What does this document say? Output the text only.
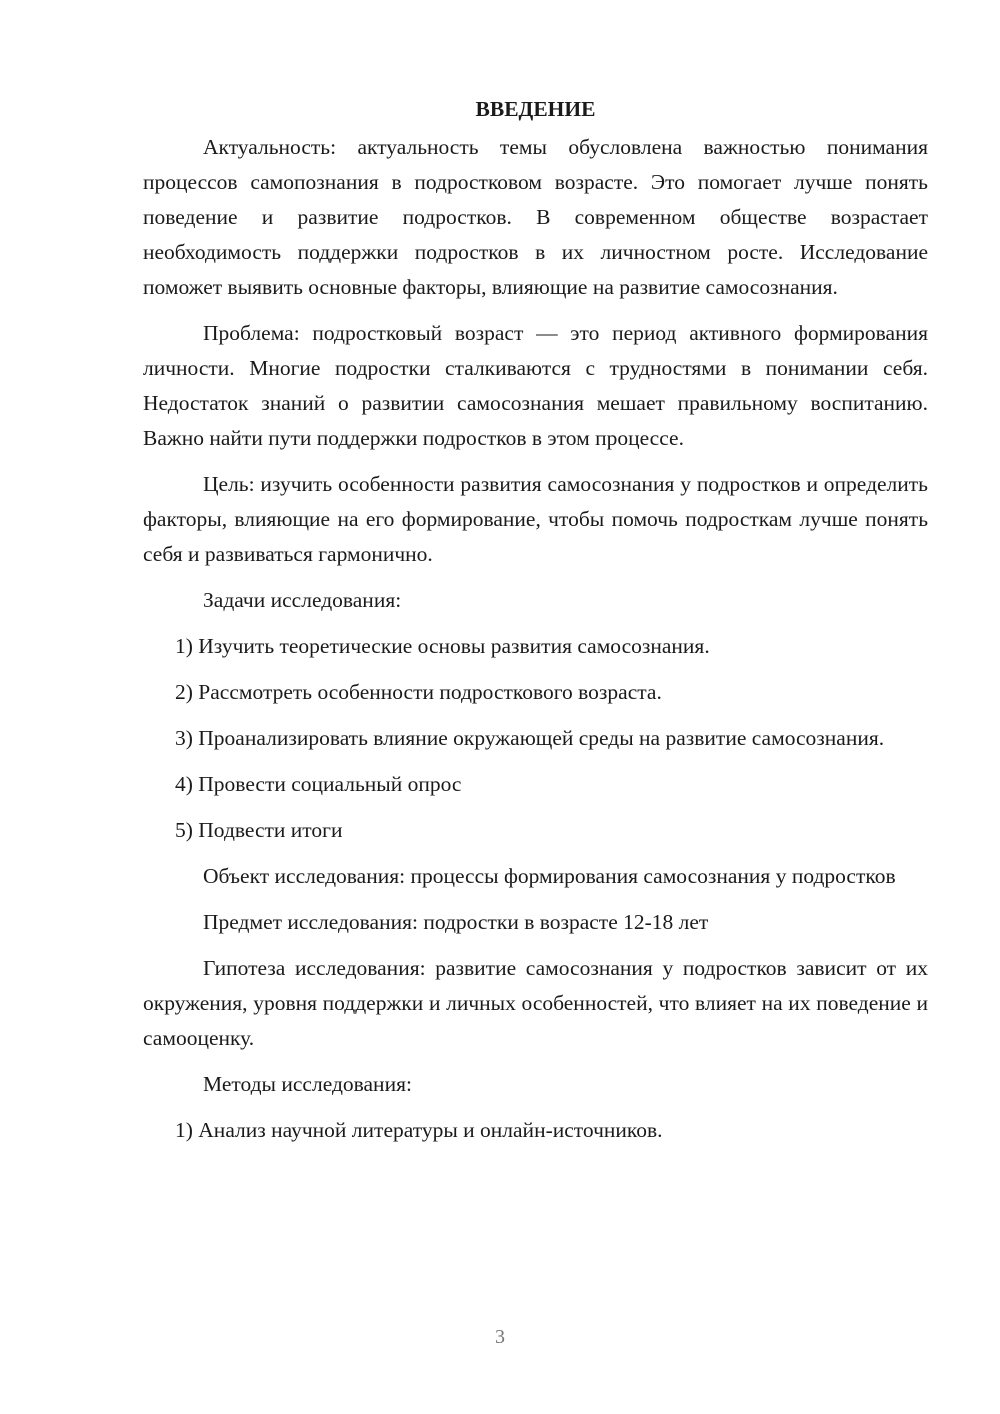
ВВЕДЕНИЕ

Актуальность: актуальность темы обусловлена важностью понимания процессов самопознания в подростковом возрасте. Это помогает лучше понять поведение и развитие подростков. В современном обществе возрастает необходимость поддержки подростков в их личностном росте. Исследование поможет выявить основные факторы, влияющие на развитие самосознания.

Проблема: подростковый возраст — это период активного формирования личности. Многие подростки сталкиваются с трудностями в понимании себя. Недостаток знаний о развитии самосознания мешает правильному воспитанию. Важно найти пути поддержки подростков в этом процессе.

Цель: изучить особенности развития самосознания у подростков и определить факторы, влияющие на его формирование, чтобы помочь подросткам лучше понять себя и развиваться гармонично.

Задачи исследования:

1) Изучить теоретические основы развития самосознания.

2) Рассмотреть особенности подросткового возраста.

3) Проанализировать влияние окружающей среды на развитие самосознания.

4) Провести социальный опрос

5) Подвести итоги

Объект исследования: процессы формирования самосознания у подростков

Предмет исследования: подростки в возрасте 12-18 лет

Гипотеза исследования: развитие самосознания у подростков зависит от их окружения, уровня поддержки и личных особенностей, что влияет на их поведение и самооценку.

Методы исследования:

1) Анализ научной литературы и онлайн-источников.

3
